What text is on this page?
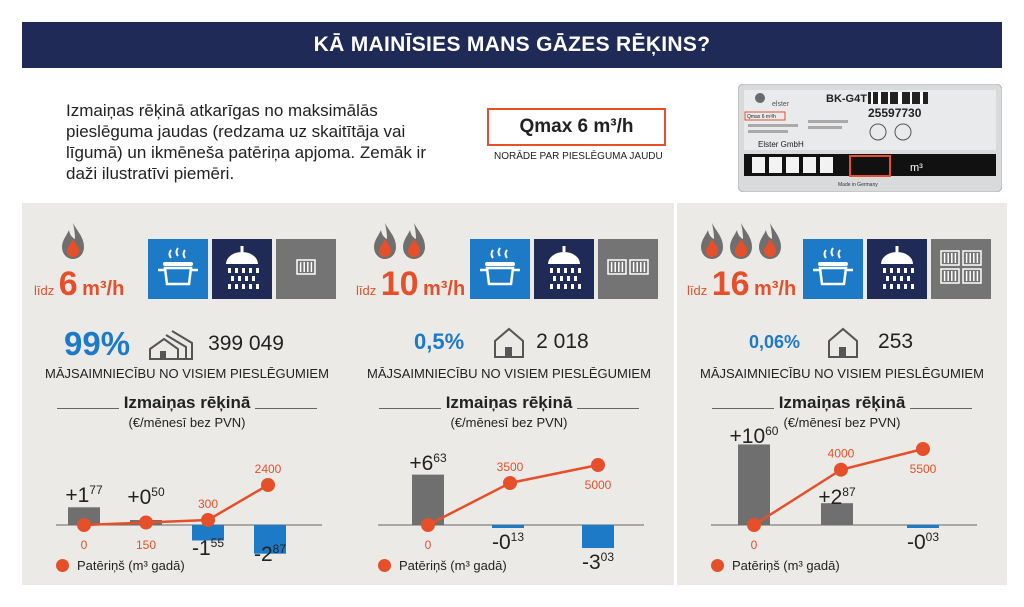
KĀ MAINĪSIES MANS GĀZES RĒĶINS?
Izmaiņas rēķinā atkarīgas no maksimālās pieslēguma jaudas (redzama uz skaitītāja vai līgumā) un ikmēneša patēriņa apjoma. Zemāk ir daži ilustratīvi piemēri.
Qmax 6 m³/h
NORĀDE PAR PIESLĒGUMA JAUDU
elster	BK-G4T
25597730
Qmax 6 m³/h
Elster GmbH
m³
Made in Germany
līdz 6 m³/h
99%	399 049
MĀJSAIMNIECĪBU NO VISIEM PIESLĒGUMIEM
Izmaiņas rēķinā
(€/mēnesī bez PVN)
$+1^{77} +0^{50}$
$-1^{55}$ $-2^{87}$
0	150
300
2400
Patēriņš (m³ gadā)
līdz 10 m³/h
0,5%	2 018
MĀJSAIMNIECĪBU NO VISIEM PIESLĒGUMIEM
Izmaiņas rēķinā
(€/mēnesī bez PVN)
$+6^{63}$
$-0^{13}$
$-3^{03}$
0
3500
5000
Patēriņš (m³ gadā)
līdz 16 m³/h
0,06%	253
MĀJSAIMNIECĪBU NO VISIEM PIESLĒGUMIEM
Izmaiņas rēķinā
(€/mēnesī bez PVN)
$+10^{60}$
$+2^{87}$
$-0^{03}$
0
4000
5500
Patēriņš (m³ gadā)
